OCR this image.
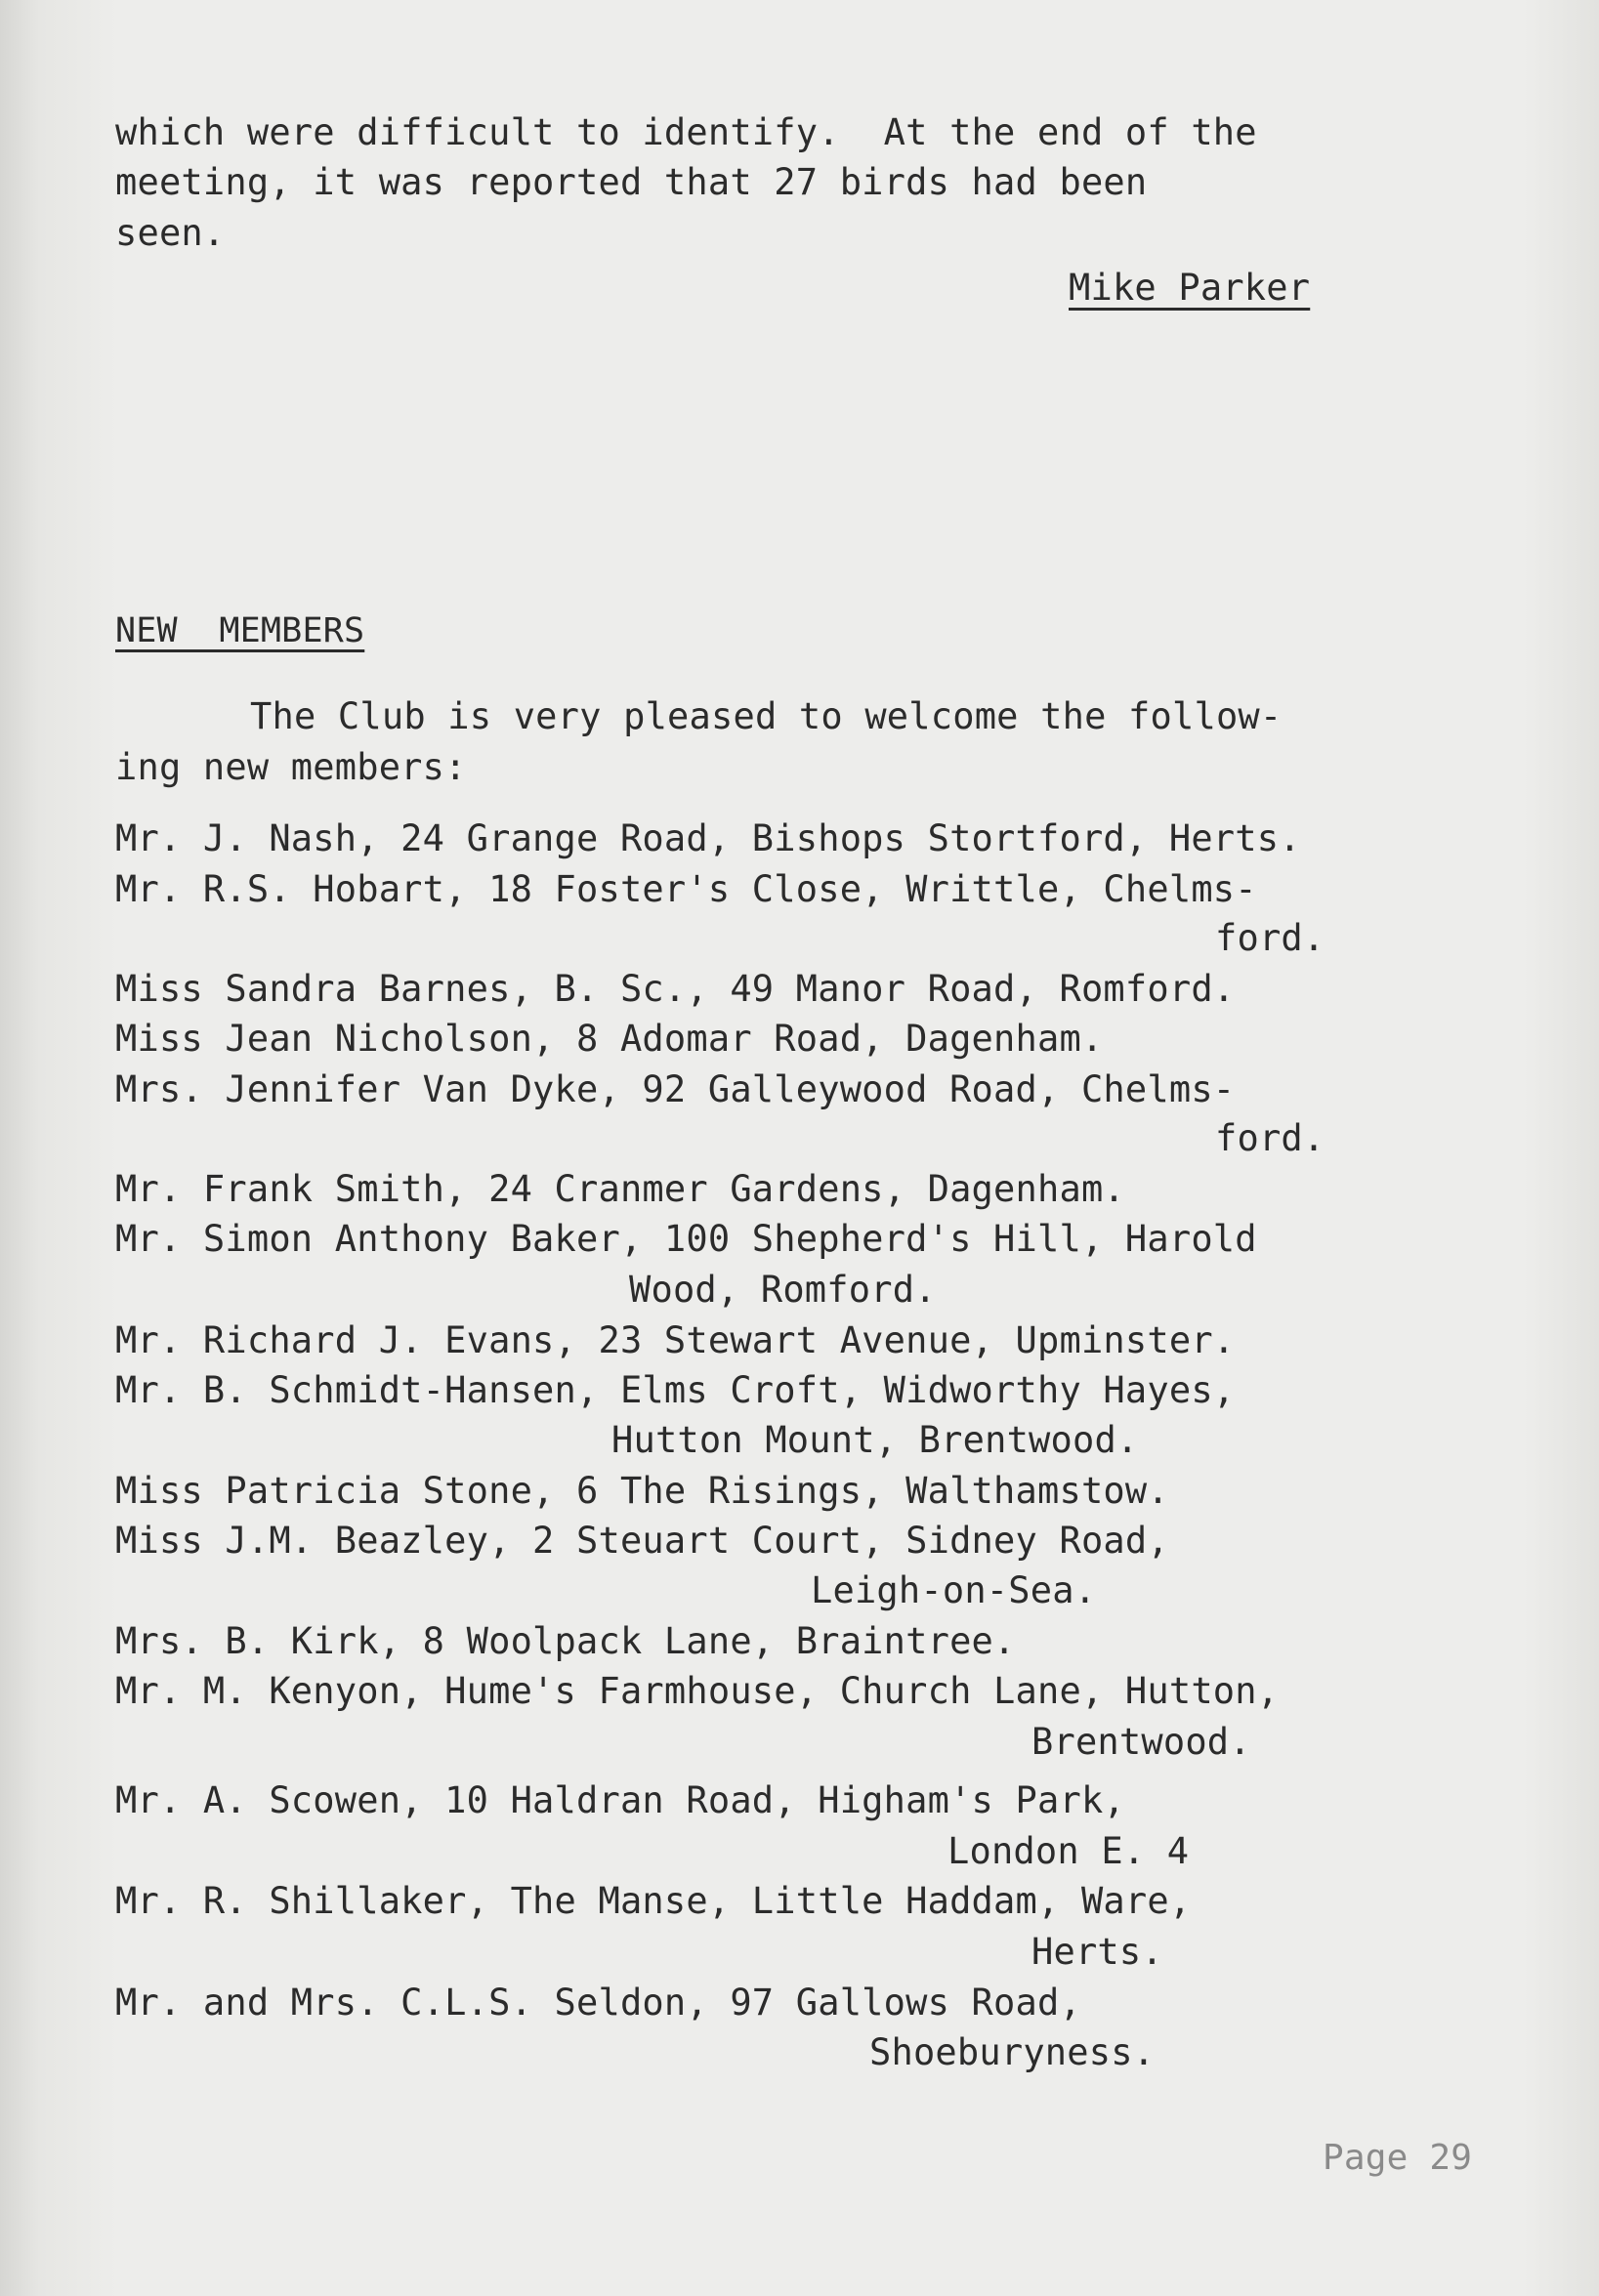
which were difficult to identify.  At the end of the
meeting, it was reported that 27 birds had been
seen.
Mike Parker
NEW  MEMBERS
The Club is very pleased to welcome the follow-
ing new members:
Mr. J. Nash, 24 Grange Road, Bishops Stortford, Herts.
Mr. R.S. Hobart, 18 Foster's Close, Writtle, Chelms-
ford.
Miss Sandra Barnes, B. Sc., 49 Manor Road, Romford.
Miss Jean Nicholson, 8 Adomar Road, Dagenham.
Mrs. Jennifer Van Dyke, 92 Galleywood Road, Chelms-
ford.
Mr. Frank Smith, 24 Cranmer Gardens, Dagenham.
Mr. Simon Anthony Baker, 100 Shepherd's Hill, Harold
Wood, Romford.
Mr. Richard J. Evans, 23 Stewart Avenue, Upminster.
Mr. B. Schmidt-Hansen, Elms Croft, Widworthy Hayes,
Hutton Mount, Brentwood.
Miss Patricia Stone, 6 The Risings, Walthamstow.
Miss J.M. Beazley, 2 Steuart Court, Sidney Road,
Leigh-on-Sea.
Mrs. B. Kirk, 8 Woolpack Lane, Braintree.
Mr. M. Kenyon, Hume's Farmhouse, Church Lane, Hutton,
Brentwood.
Mr. A. Scowen, 10 Haldran Road, Higham's Park,
London E. 4
Mr. R. Shillaker, The Manse, Little Haddam, Ware,
Herts.
Mr. and Mrs. C.L.S. Seldon, 97 Gallows Road,
Shoeburyness.
Page 29
